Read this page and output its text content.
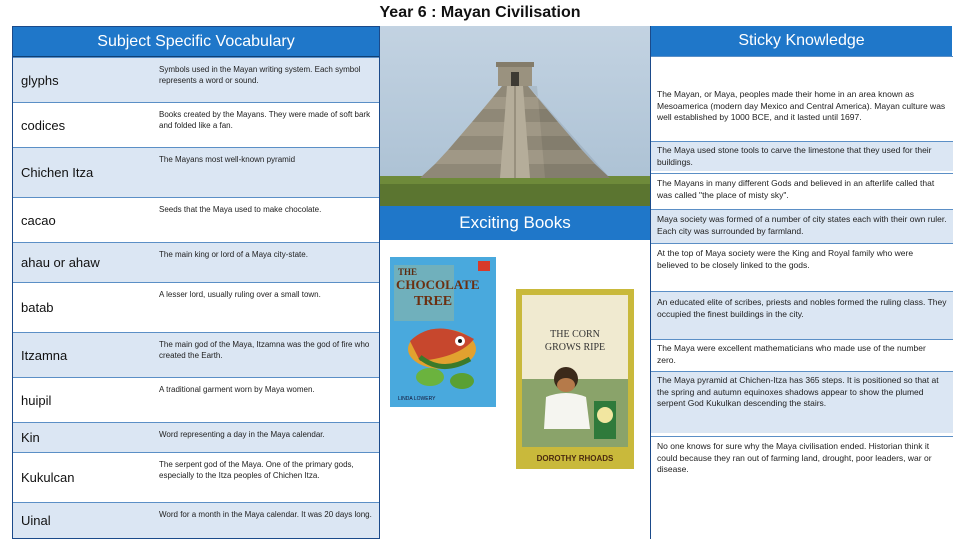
Year 6 : Mayan Civilisation
Subject Specific Vocabulary
glyphs
Symbols used in the Mayan writing system. Each symbol represents a word or sound.
codices
Books created by the Mayans. They were made of soft bark and folded like a fan.
Chichen Itza
The Mayans most well-known pyramid
cacao
Seeds that the Maya used to make chocolate.
ahau or ahaw
The main king or lord of a Maya city-state.
batab
A lesser lord, usually ruling over a small town.
Itzamna
The main god of the Maya, Itzamna was the god of fire who created the Earth.
huipil
A traditional garment worn by Maya women.
Kin	Word representing a day in the Maya calendar.
Kukulcan
The serpent god of the Maya. One of the primary gods, especially to the Itza peoples of Chichen Itza.
Uinal	Word for a month in the Maya calendar. It was 20 days long.
Exciting Books
THE
CHOCOLATE
TREE
LINDA LOWERY
THE CORN
GROWS RIPE
DOROTHY RHOADS
Sticky Knowledge
The Mayan, or Maya, peoples made their home in an area known as Mesoamerica (modern day Mexico and Central America). Mayan culture was well established by 1000 BCE, and it lasted until 1697.
The Maya used stone tools to carve the limestone that they used for their buildings.
The Mayans in many different Gods and believed in an afterlife called that was called "the place of misty sky".
Maya society was formed of a number of city states each with their own ruler. Each city was surrounded by farmland.
At the top of Maya society were the King and Royal family who were believed to be closely linked to the gods.
An educated elite of scribes, priests and nobles formed the ruling class. They occupied the finest buildings in the city.
The Maya were excellent mathematicians who made use of the number zero.
The Maya pyramid at Chichen-Itza has 365 steps. It is positioned so that at the spring and autumn equinoxes shadows appear to show the plumed serpent God Kukulkan descending the stairs.
No one knows for sure why the Maya civilisation ended. Historian think it could because they ran out of farming land, drought, poor leaders, war or disease.
